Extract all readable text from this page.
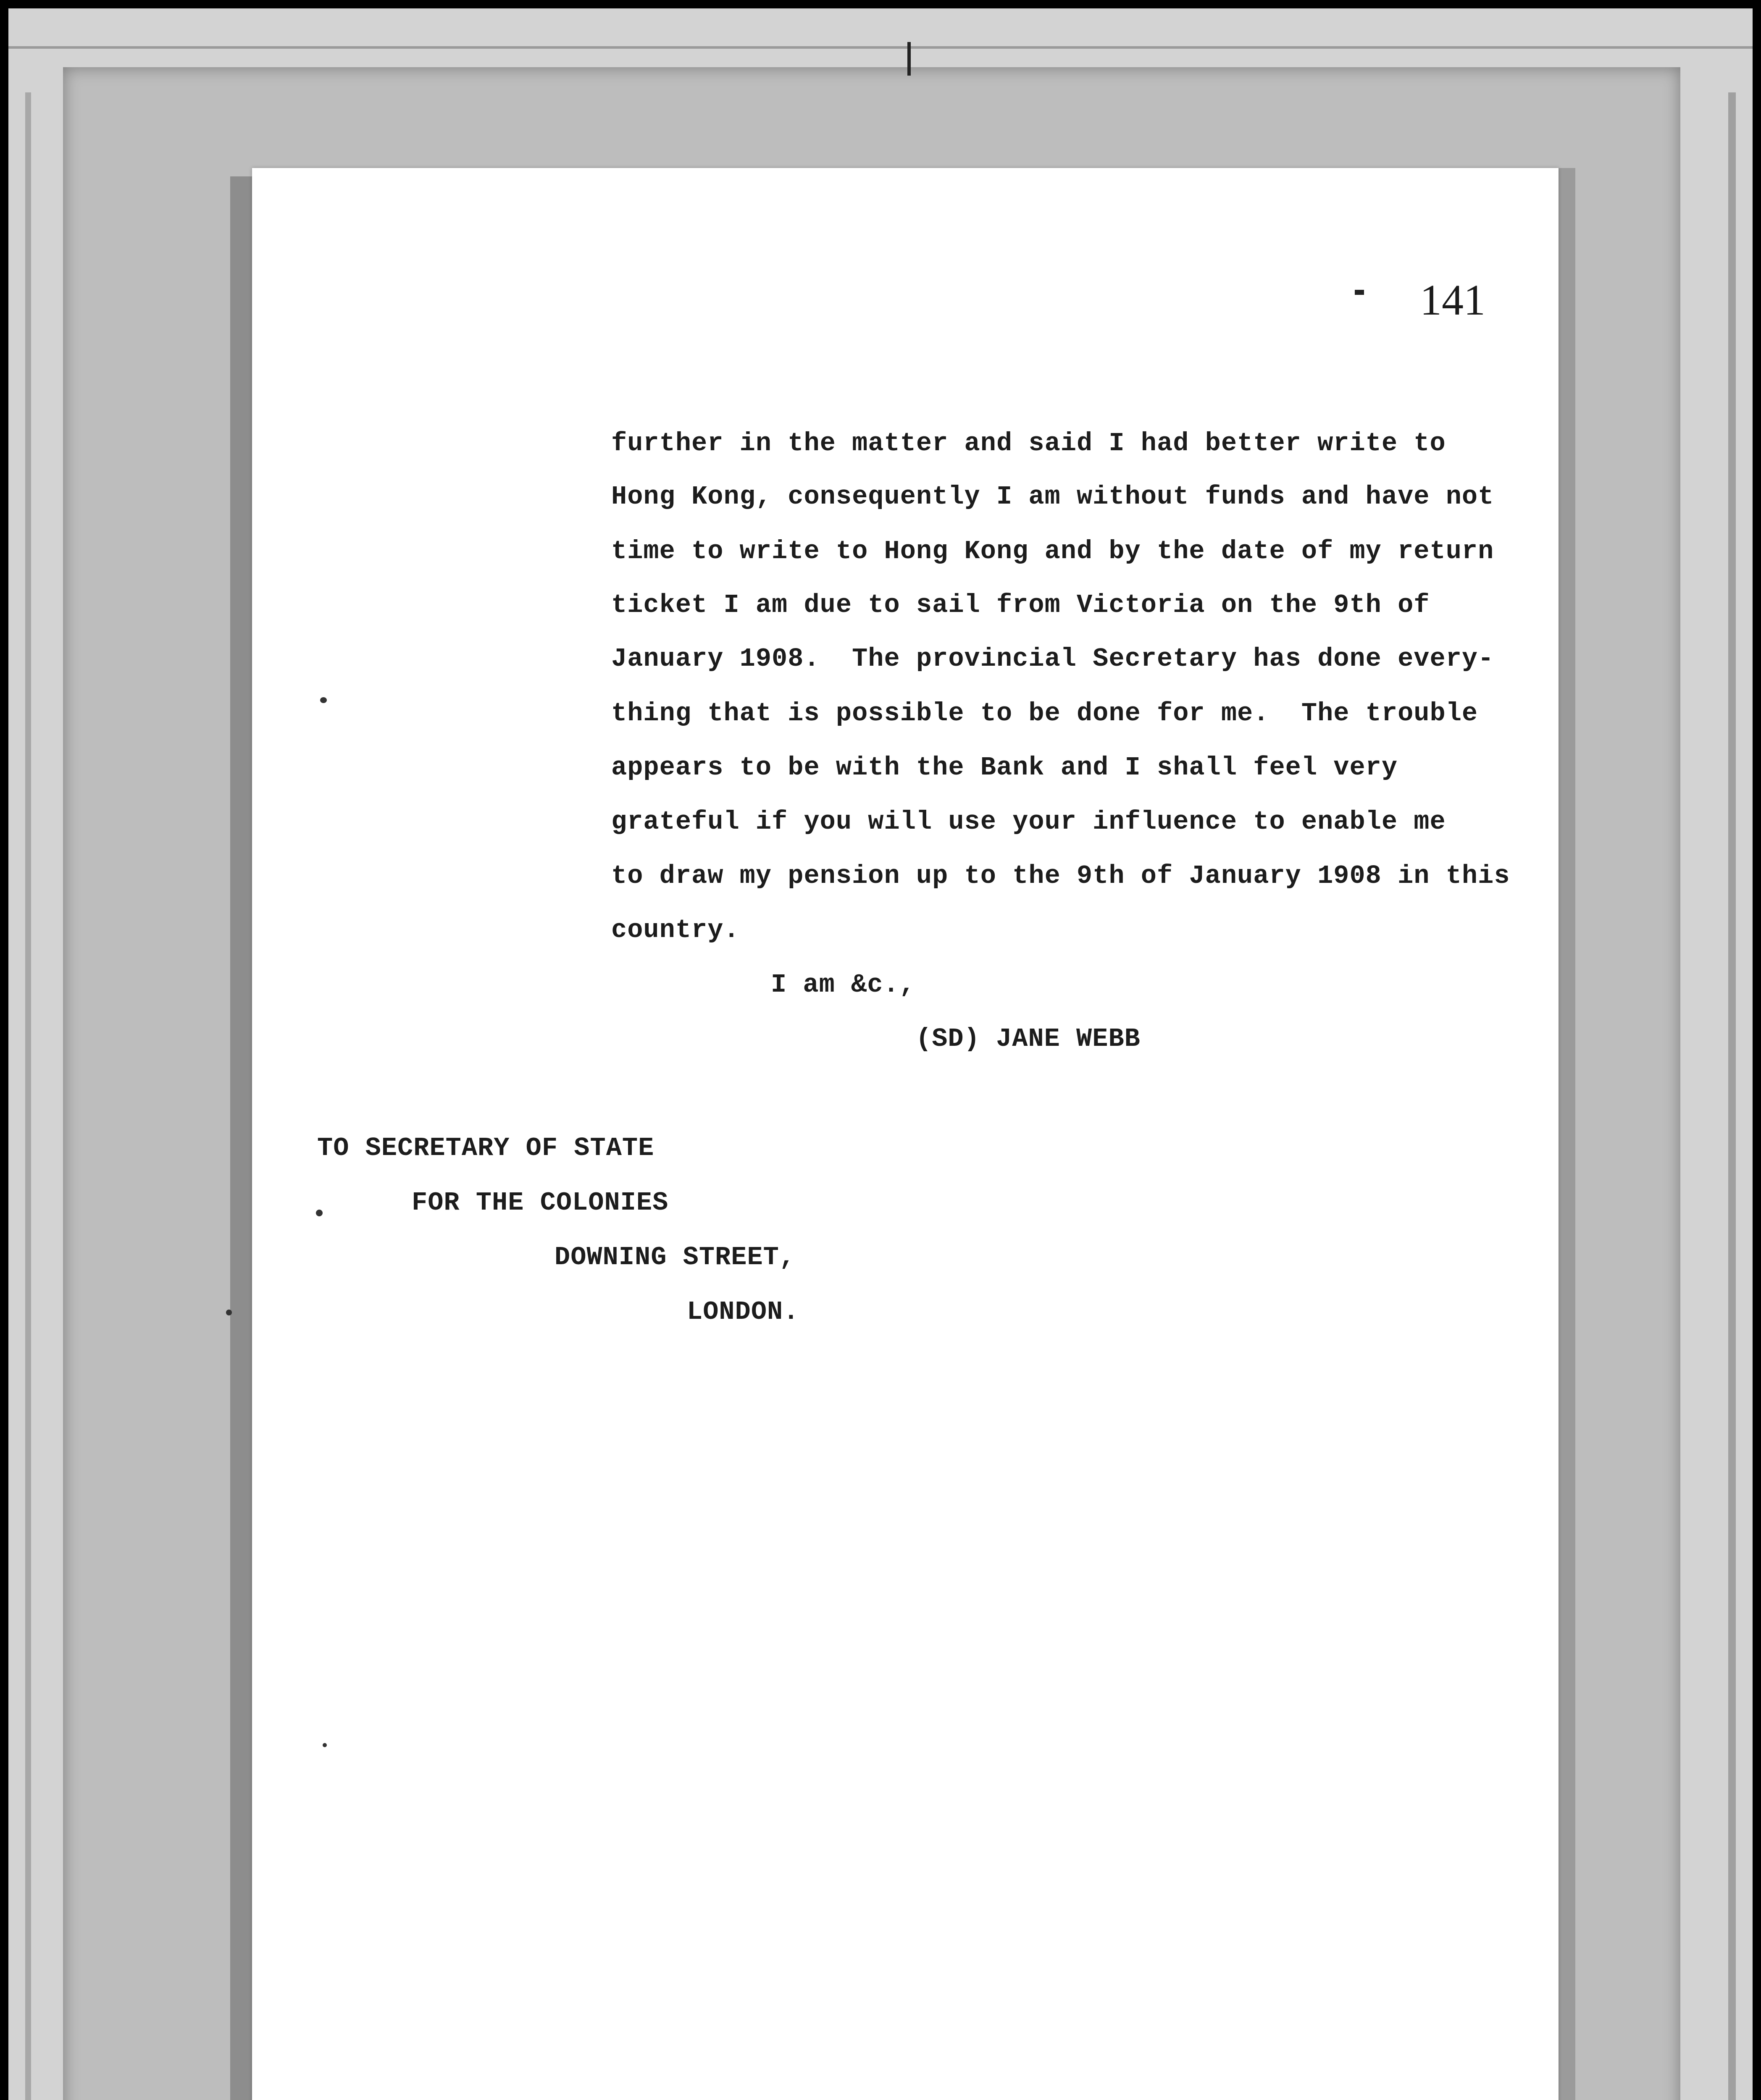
141
further in the matter and said I had better write to
Hong Kong, consequently I am without funds and have not
time to write to Hong Kong and by the date of my return
ticket I am due to sail from Victoria on the 9th of
January 1908.  The provincial Secretary has done every-
thing that is possible to be done for me.  The trouble
appears to be with the Bank and I shall feel very
grateful if you will use your influence to enable me
to draw my pension up to the 9th of January 1908 in this
country.
I am &c.,
(SD) JANE WEBB
TO SECRETARY OF STATE
FOR THE COLONIES
DOWNING STREET,
LONDON.
